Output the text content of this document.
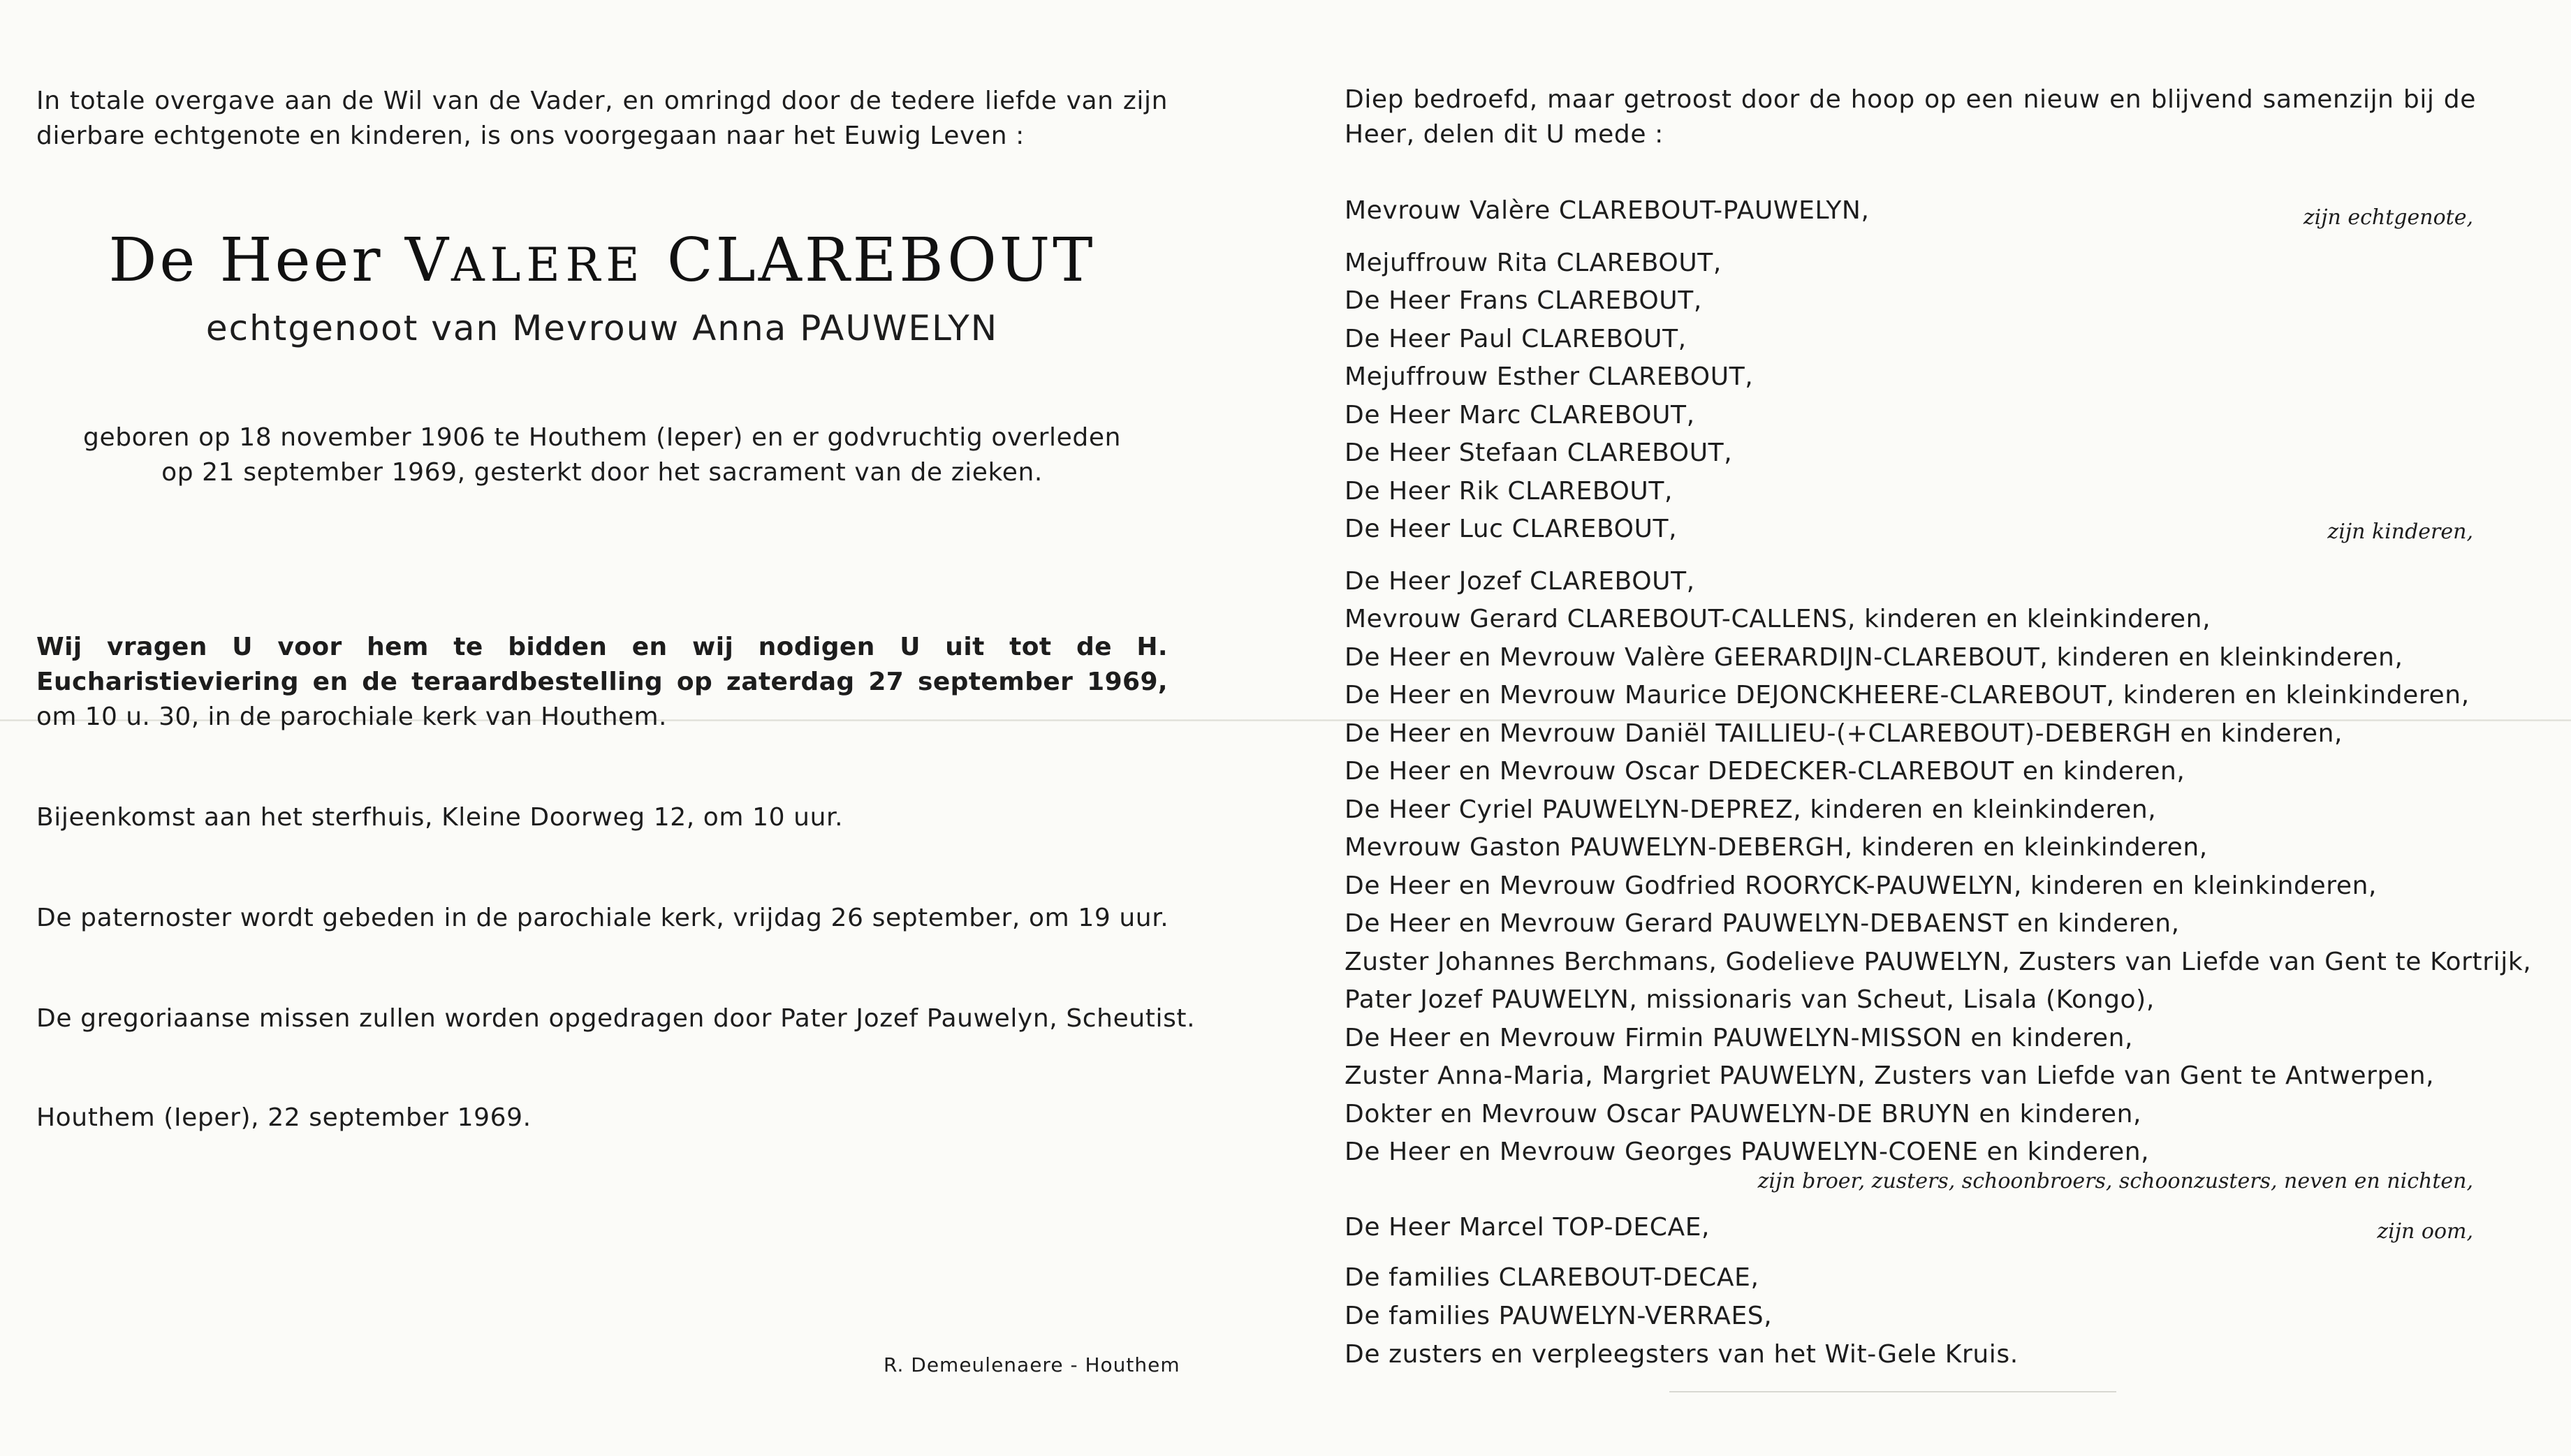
In totale overgave aan de Wil van de Vader, en omringd door de tedere liefde van zijn dierbare echtgenote en kinderen, is ons voorgegaan naar het Euwig Leven :
De Heer VALERE CLAREBOUT
echtgenoot van Mevrouw Anna PAUWELYN
geboren op 18 november 1906 te Houthem (Ieper) en er godvruchtig overleden
op 21 september 1969, gesterkt door het sacrament van de zieken.
Wij vragen U voor hem te bidden en wij nodigen U uit tot de H. Eucharistieviering en de teraardbestelling op zaterdag 27 september 1969, om 10 u. 30, in de parochiale kerk van Houthem.
Bijeenkomst aan het sterfhuis, Kleine Doorweg 12, om 10 uur.
De paternoster wordt gebeden in de parochiale kerk, vrijdag 26 september, om 19 uur.
De gregoriaanse missen zullen worden opgedragen door Pater Jozef Pauwelyn, Scheutist.
Houthem (Ieper), 22 september 1969.
R. Demeulenaere - Houthem
Diep bedroefd, maar getroost door de hoop op een nieuw en blijvend samenzijn bij de Heer, delen dit U mede :
Mevrouw Valère CLAREBOUT-PAUWELYN,
Mejuffrouw Rita CLAREBOUT,
De Heer Frans CLAREBOUT,
De Heer Paul CLAREBOUT,
Mejuffrouw Esther CLAREBOUT,
De Heer Marc CLAREBOUT,
De Heer Stefaan CLAREBOUT,
De Heer Rik CLAREBOUT,
De Heer Luc CLAREBOUT,
De Heer Jozef CLAREBOUT,
Mevrouw Gerard CLAREBOUT-CALLENS, kinderen en kleinkinderen,
De Heer en Mevrouw Valère GEERARDIJN-CLAREBOUT, kinderen en kleinkinderen,
De Heer en Mevrouw Maurice DEJONCKHEERE-CLAREBOUT, kinderen en kleinkinderen,
De Heer en Mevrouw Daniël TAILLIEU-(+CLAREBOUT)-DEBERGH en kinderen,
De Heer en Mevrouw Oscar DEDECKER-CLAREBOUT en kinderen,
De Heer Cyriel PAUWELYN-DEPREZ, kinderen en kleinkinderen,
Mevrouw Gaston PAUWELYN-DEBERGH, kinderen en kleinkinderen,
De Heer en Mevrouw Godfried ROORYCK-PAUWELYN, kinderen en kleinkinderen,
De Heer en Mevrouw Gerard PAUWELYN-DEBAENST en kinderen,
Zuster Johannes Berchmans, Godelieve PAUWELYN, Zusters van Liefde van Gent te Kortrijk,
Pater Jozef PAUWELYN, missionaris van Scheut, Lisala (Kongo),
De Heer en Mevrouw Firmin PAUWELYN-MISSON en kinderen,
Zuster Anna-Maria, Margriet PAUWELYN, Zusters van Liefde van Gent te Antwerpen,
Dokter en Mevrouw Oscar PAUWELYN-DE BRUYN en kinderen,
De Heer en Mevrouw Georges PAUWELYN-COENE en kinderen,
zijn echtgenote,
zijn kinderen,
zijn broer, zusters, schoonbroers, schoonzusters, neven en nichten,
De Heer Marcel TOP-DECAE,	zijn oom,
De families CLAREBOUT-DECAE,
De families PAUWELYN-VERRAES,
De zusters en verpleegsters van het Wit-Gele Kruis.
